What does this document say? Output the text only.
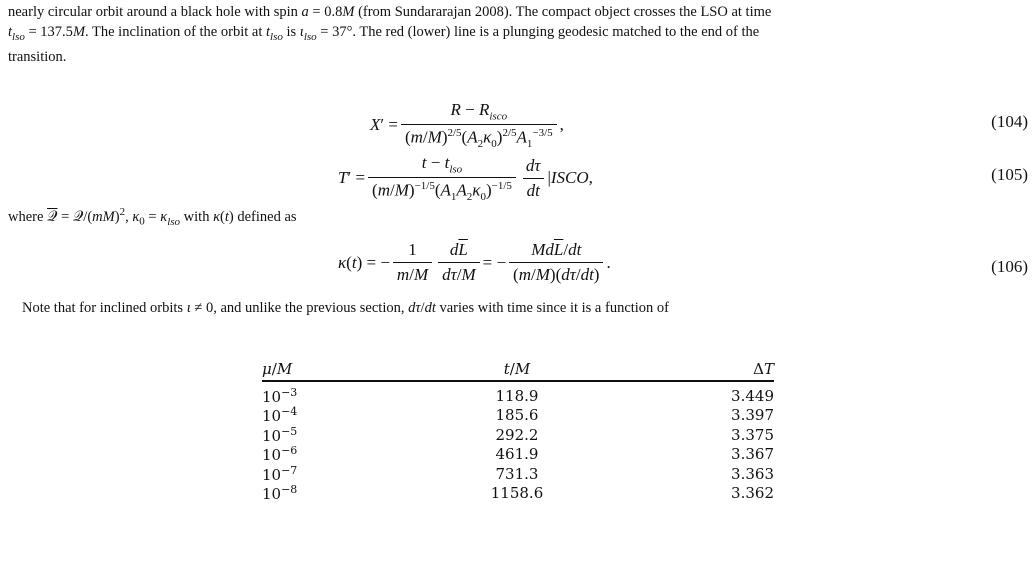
nearly circular orbit around a black hole with spin a = 0.8M (from Sundararajan 2008). The compact object crosses the LSO at time
$t_{lso} = 137.5M$. The inclination of the orbit at $t_{lso}$ is $\iota_{lso} = 37^\circ$. The red (lower) line is a plunging geodesic matched to the end of the
transition.
$X' = \frac{R - R_{isco}}{(m/M)^{2/5}(A_2\kappa_0)^{2/5}A_1^{-3/5}}$ ,	(104)
$T' = \frac{t - t_{lso}}{(m/M)^{-1/5}(A_1A_2\kappa_0)^{-1/5}} \frac{d\tau}{dt}$ |ISCO,	(105)
where 𝒬 = 𝒬/(mM)$^2$, $\kappa_0 = \kappa_{lso}$ with κ(t) defined as
κ(t) = − $\frac{1}{m/M} \frac{d\overline{L}}{d\tau/M}$ = − $\frac{Md\overline{L}/dt}{(m/M)(d\tau/dt)}$ .	(106)
Note that for inclined orbits ι ≠ 0, and unlike the previous section, dτ/dt varies with time since it is a function of
μ/M	t/M	ΔT
$10^{-3}$	118.9	3.449
$10^{-4}$	185.6	3.397
$10^{-5}$	292.2	3.375
$10^{-6}$	461.9	3.367
$10^{-7}$	731.3	3.363
$10^{-8}$	1158.6	3.362
